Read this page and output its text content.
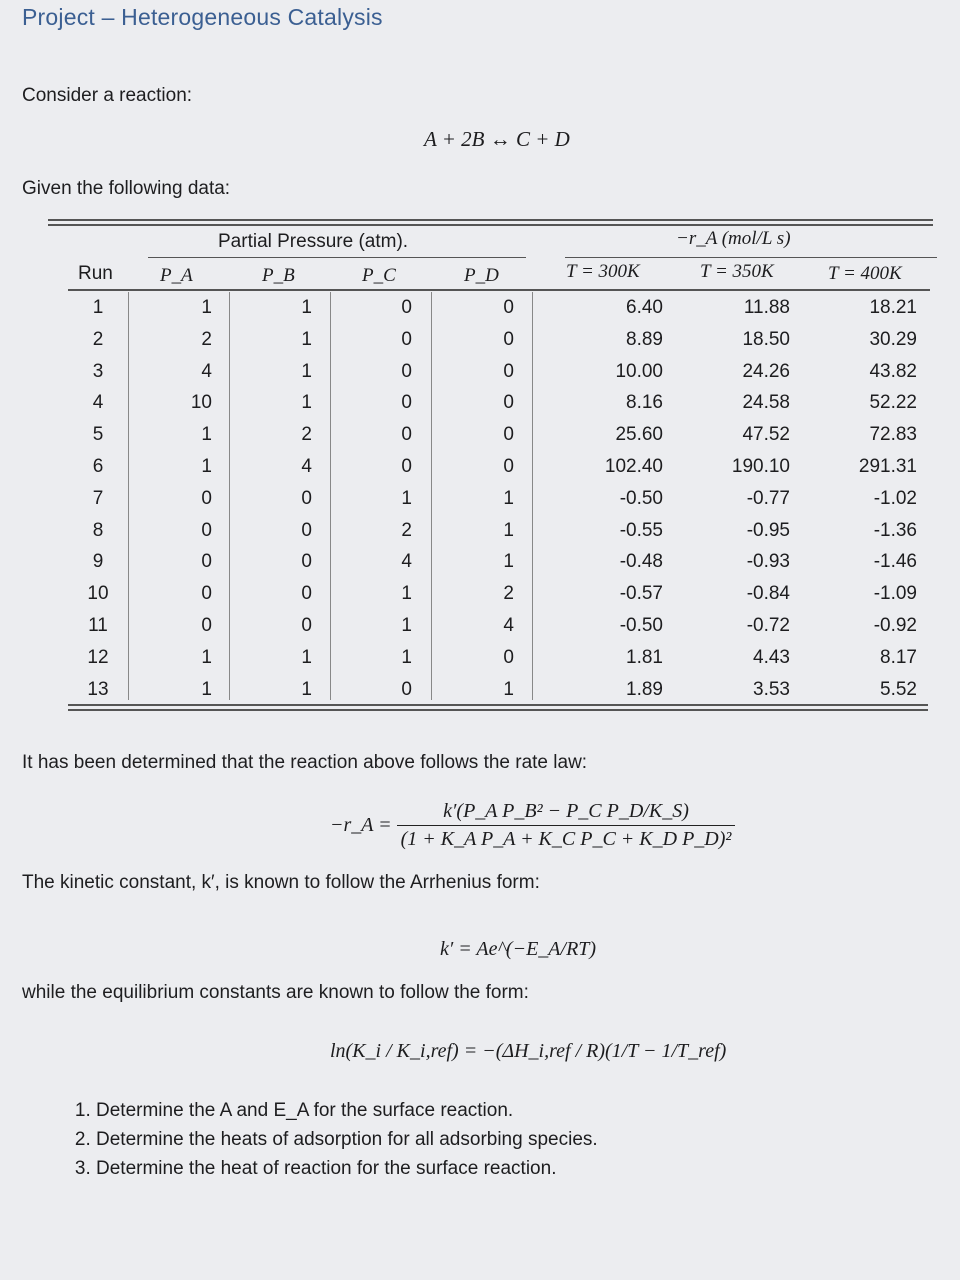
Project – Heterogeneous Catalysis
Consider a reaction:
A + 2B ↔ C + D
Given the following data:
Partial Pressure (atm).	−r_A (mol/L s)
Run P_A	P_B	P_C	P_D	T = 300K	T = 350K	T = 400K
1	1	1	0	0	6.40	11.88	18.21
2	2	1	0	0	8.89	18.50	30.29
3	4	1	0	0	10.00	24.26	43.82
4	10	1	0	0	8.16	24.58	52.22
5	1	2	0	0	25.60	47.52	72.83
6	1	4	0	0	102.40	190.10	291.31
7	0	0	1	1	-0.50	-0.77	-1.02
8	0	0	2	1	-0.55	-0.95	-1.36
9	0	0	4	1	-0.48	-0.93	-1.46
10	0	0	1	2	-0.57	-0.84	-1.09
11	0	0	1	4	-0.50	-0.72	-0.92
12	1	1	1	0	1.81	4.43	8.17
13	1	1	0	1	1.89	3.53	5.52
It has been determined that the reaction above follows the rate law:
−r_A = $\frac{\text{k′(P\_A P\_B² − P\_C P\_D/K\_S)}}{\text{(1 + K\_A P\_A + K\_C P\_C + K\_D P\_D)²}}$
The kinetic constant, k′, is known to follow the Arrhenius form:
k′ = Ae^(−E_A/RT)
while the equilibrium constants are known to follow the form:
ln(K_i / K_i,ref) = −(ΔH_i,ref / R)(1/T − 1/T_ref)
1. Determine the A and E_A for the surface reaction.
2. Determine the heats of adsorption for all adsorbing species.
3. Determine the heat of reaction for the surface reaction.
